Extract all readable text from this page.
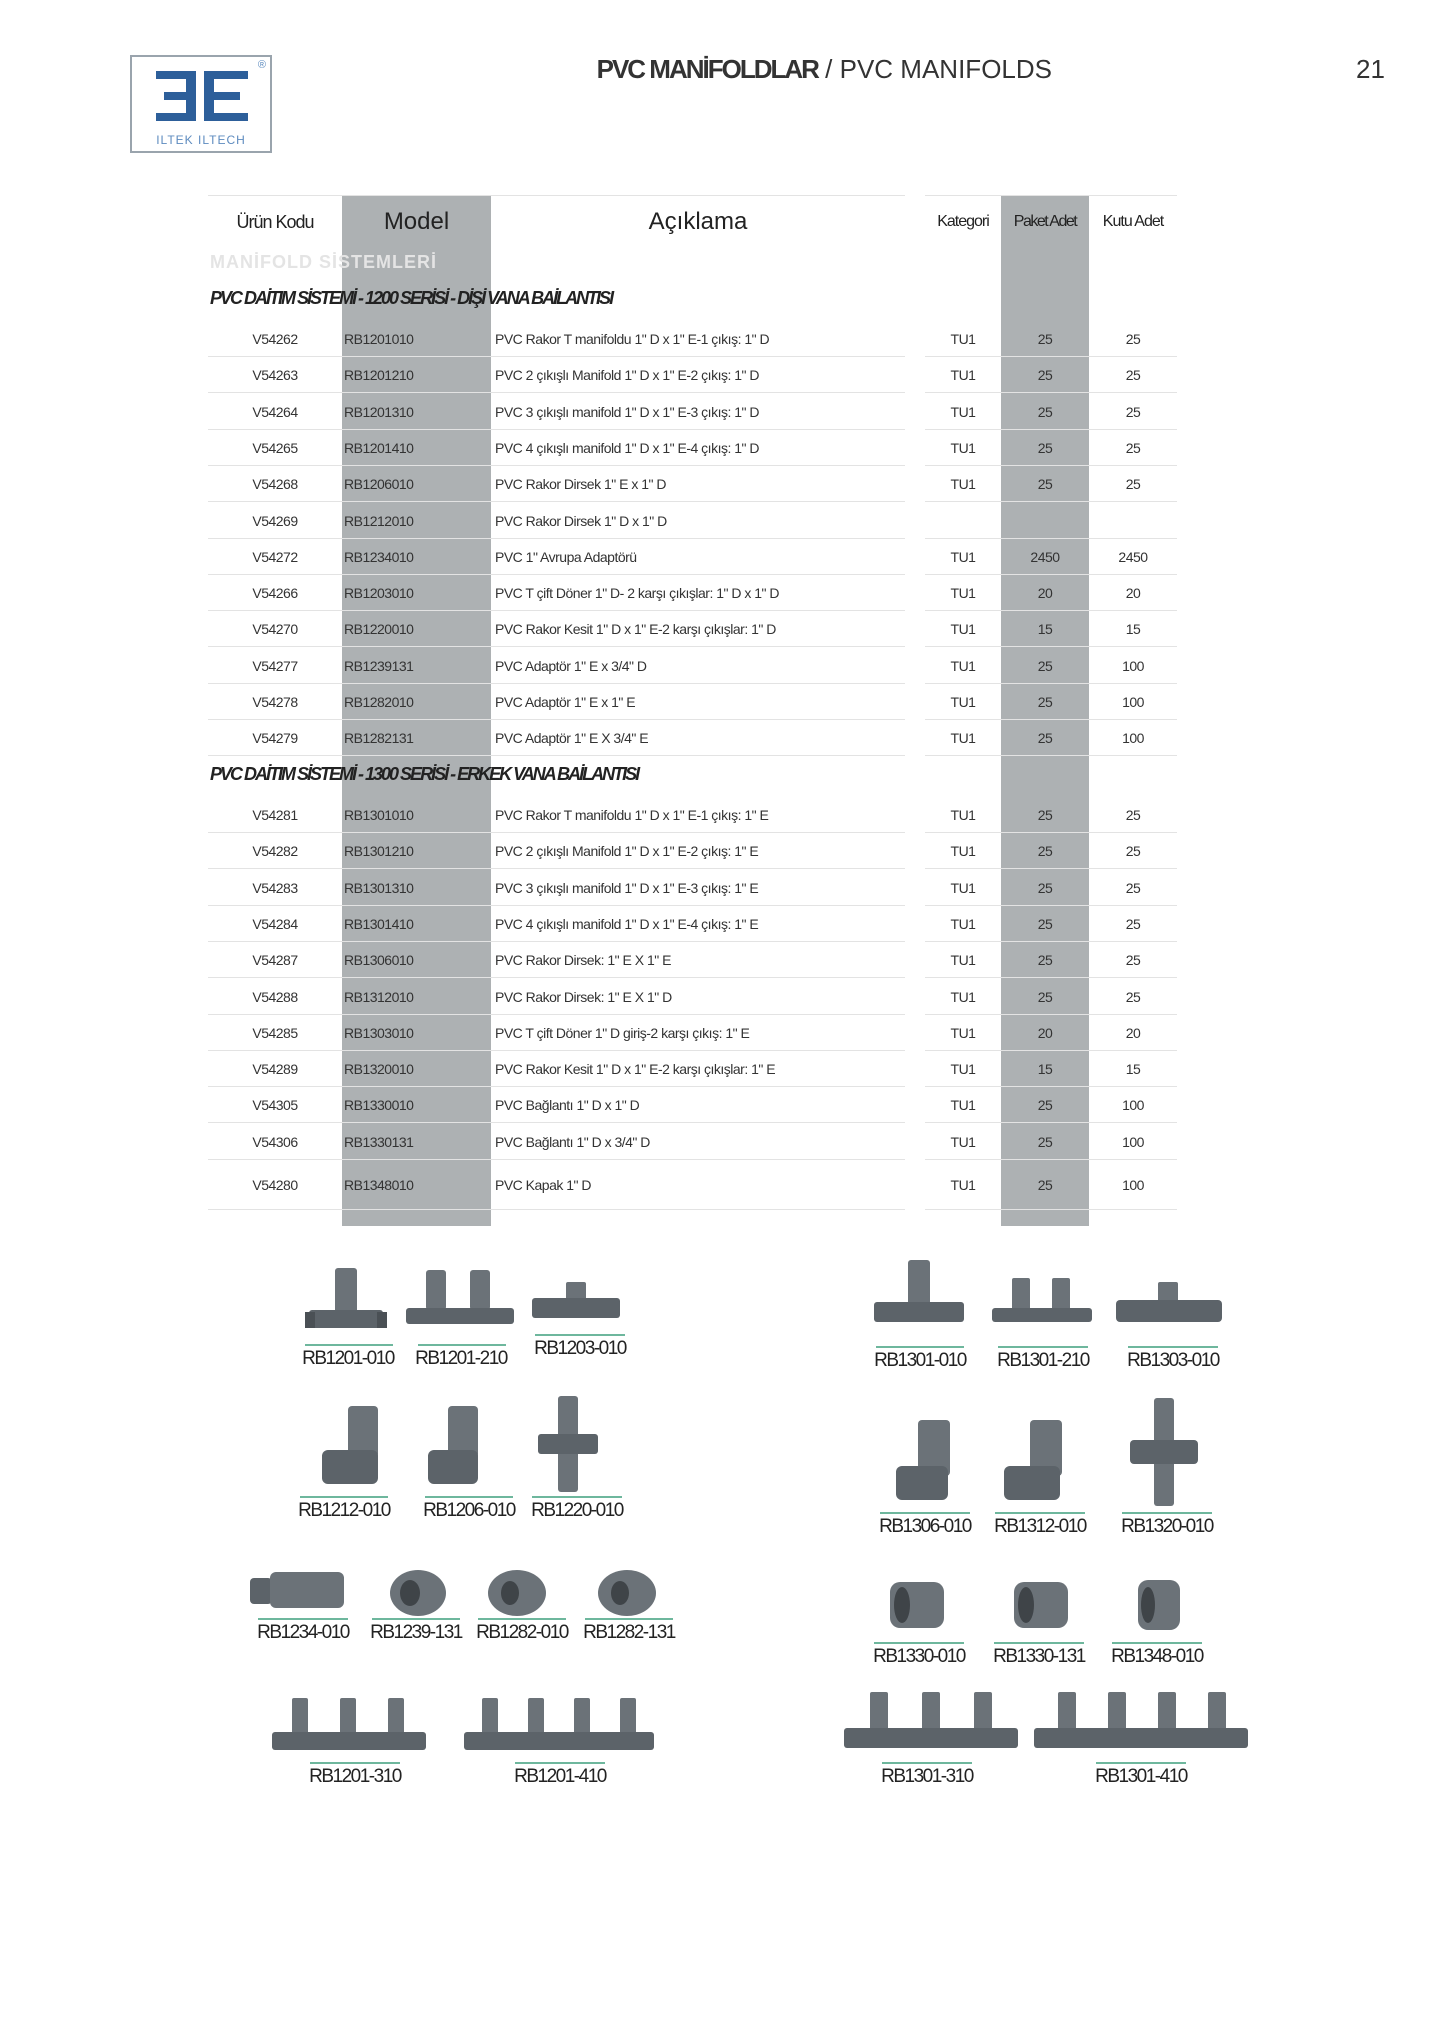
®
ILTEK ILTECH
PVC MANİFOLDLAR / PVC MANIFOLDS	21
Ürün Kodu	Model	Açıklama	Kategori	Paket Adet	Kutu Adet
MANİFOLD SİSTEMLERİ
PVC DAİTIM SİSTEMİ - 1200 SERİSİ - DİŞİ VANA BAİLANTISI
PVC DAİTIM SİSTEMİ - 1300 SERİSİ - ERKEK VANA BAİLANTISI
V54262	RB1201010	PVC Rakor T manifoldu 1" D x 1" E-1 çıkış: 1" D	TU1	25	25
V54263	RB1201210	PVC 2 çıkışlı Manifold 1" D x 1" E-2 çıkış: 1" D	TU1	25	25
V54264	RB1201310	PVC 3 çıkışlı manifold 1" D x 1" E-3 çıkış: 1" D	TU1	25	25
V54265	RB1201410	PVC 4 çıkışlı manifold 1" D x 1" E-4 çıkış: 1" D	TU1	25	25
V54268	RB1206010	PVC Rakor Dirsek 1" E x 1" D	TU1	25	25
V54269	RB1212010	PVC Rakor Dirsek 1" D x 1" D
V54272	RB1234010	PVC 1" Avrupa Adaptörü	TU1	2450	2450
V54266	RB1203010	PVC T çift Döner 1" D- 2 karşı çıkışlar: 1" D x 1" D	TU1	20	20
V54270	RB1220010	PVC Rakor Kesit 1" D x 1" E-2 karşı çıkışlar: 1" D	TU1	15	15
V54277	RB1239131	PVC Adaptör 1" E x 3/4" D	TU1	25	100
V54278	RB1282010	PVC Adaptör 1" E x 1" E	TU1	25	100
V54279	RB1282131	PVC Adaptör 1" E X 3/4" E	TU1	25	100
V54281	RB1301010	PVC Rakor T manifoldu 1" D x 1" E-1 çıkış: 1" E	TU1	25	25
V54282	RB1301210	PVC 2 çıkışlı Manifold 1" D x 1" E-2 çıkış: 1" E	TU1	25	25
V54283	RB1301310	PVC 3 çıkışlı manifold 1" D x 1" E-3 çıkış: 1" E	TU1	25	25
V54284	RB1301410	PVC 4 çıkışlı manifold 1" D x 1" E-4 çıkış: 1" E	TU1	25	25
V54287	RB1306010	PVC Rakor Dirsek: 1" E X 1" E	TU1	25	25
V54288	RB1312010	PVC Rakor Dirsek: 1" E X 1" D	TU1	25	25
V54285	RB1303010	PVC T çift Döner 1" D giriş-2 karşı çıkış: 1" E	TU1	20	20
V54289	RB1320010	PVC Rakor Kesit 1" D x 1" E-2 karşı çıkışlar: 1" E	TU1	15	15
V54305	RB1330010	PVC Bağlantı 1" D x 1" D	TU1	25	100
V54306	RB1330131	PVC Bağlantı 1" D x 3/4" D	TU1	25	100
V54280	RB1348010	PVC Kapak 1" D	TU1	25	100
RB1201-010 RB1201-210 RB1203-010
RB1212-010 RB1206-010 RB1220-010
RB1234-010 RB1239-131 RB1282-010 RB1282-131
RB1201-310	RB1201-410
RB1301-010 RB1301-210 RB1303-010
RB1306-010 RB1312-010 RB1320-010
RB1330-010 RB1330-131 RB1348-010
RB1301-310	RB1301-410
